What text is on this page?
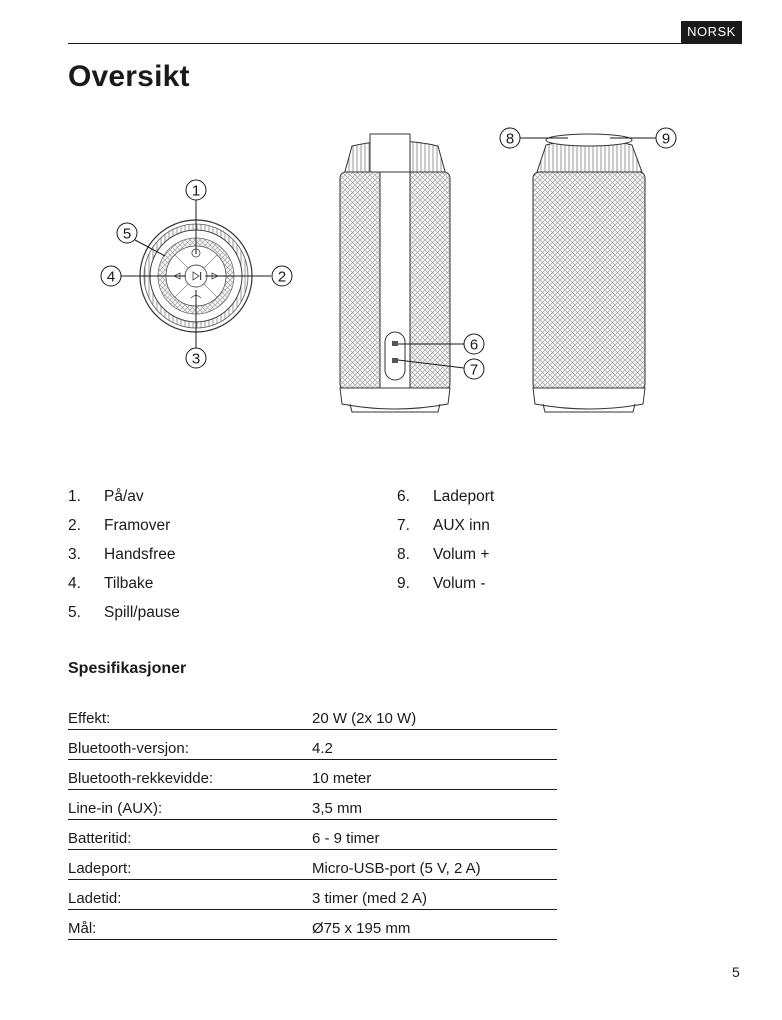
NORSK
Oversikt
1
2
3
4
5
6
7
8	9
1. På/av
2. Framover
3. Handsfree
4. Tilbake
5. Spill/pause
6. Ladeport
7. AUX inn
8. Volum +
9. Volum -
Spesifikasjoner
Effekt:	20 W (2x 10 W)
Bluetooth-versjon:	4.2
Bluetooth-rekkevidde:	10 meter
Line-in (AUX):	3,5 mm
Batteritid:	6 - 9 timer
Ladeport:	Micro-USB-port (5 V, 2 A)
Ladetid:	3 timer (med 2 A)
Mål:	Ø75 x 195 mm
5
